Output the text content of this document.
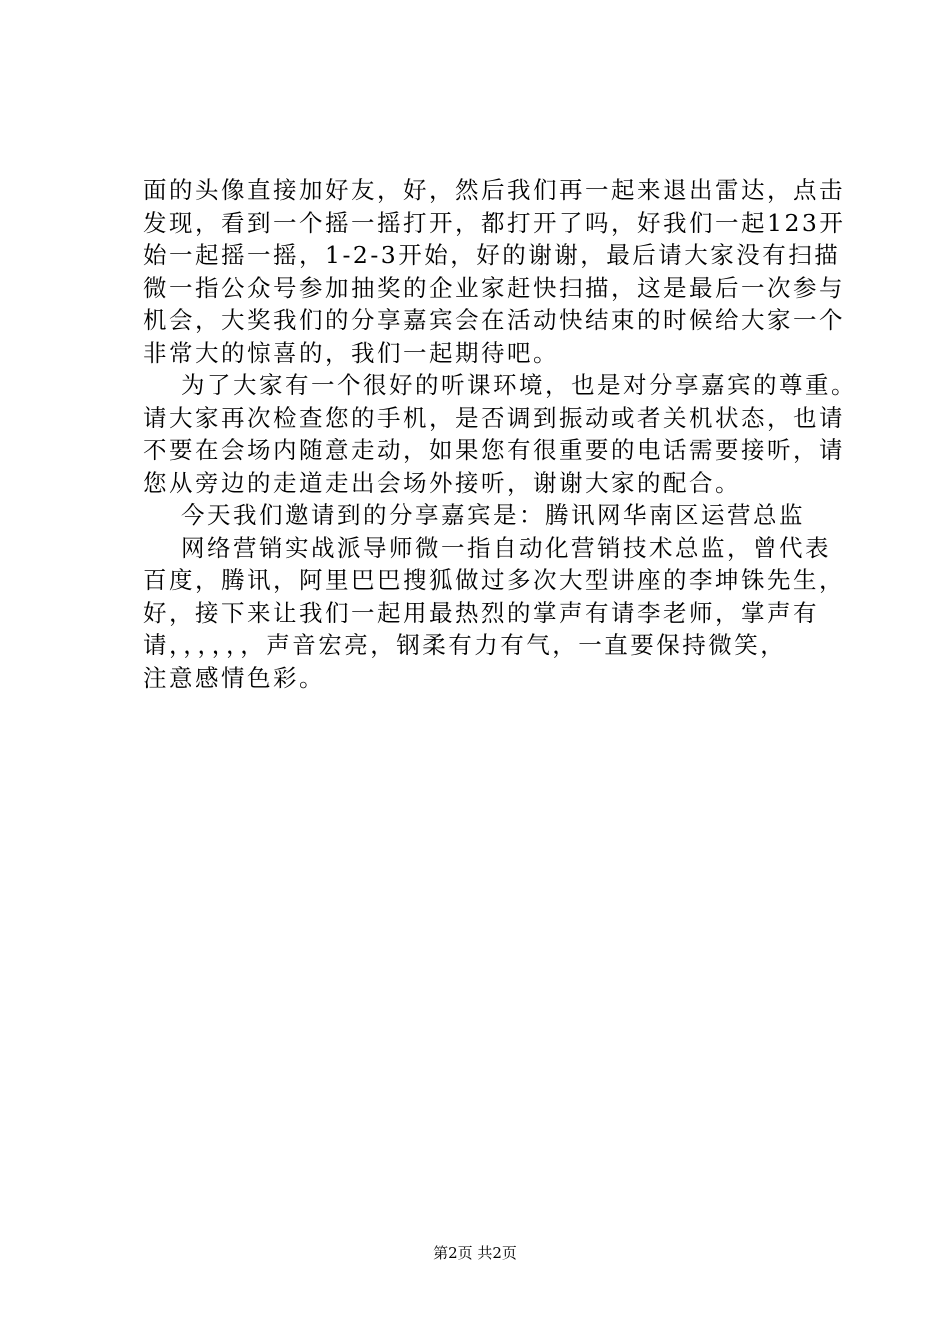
面的头像直接加好友，好，然后我们再一起来退出雷达，点击
发现，看到一个摇一摇打开，都打开了吗，好我们一起123开
始一起摇一摇，1-2-3开始，好的谢谢，最后请大家没有扫描
微一指公众号参加抽奖的企业家赶快扫描，这是最后一次参与
机会，大奖我们的分享嘉宾会在活动快结束的时候给大家一个
非常大的惊喜的，我们一起期待吧。
为了大家有一个很好的听课环境，也是对分享嘉宾的尊重。
请大家再次检查您的手机，是否调到振动或者关机状态，也请
不要在会场内随意走动，如果您有很重要的电话需要接听，请
您从旁边的走道走出会场外接听，谢谢大家的配合。
今天我们邀请到的分享嘉宾是：腾讯网华南区运营总监
网络营销实战派导师微一指自动化营销技术总监，曾代表
百度，腾讯，阿里巴巴搜狐做过多次大型讲座的李坤铢先生，
好，接下来让我们一起用最热烈的掌声有请李老师，掌声有
请，，，，，，声音宏亮，钢柔有力有气，一直要保持微笑，
注意感情色彩。
第2页 共2页
